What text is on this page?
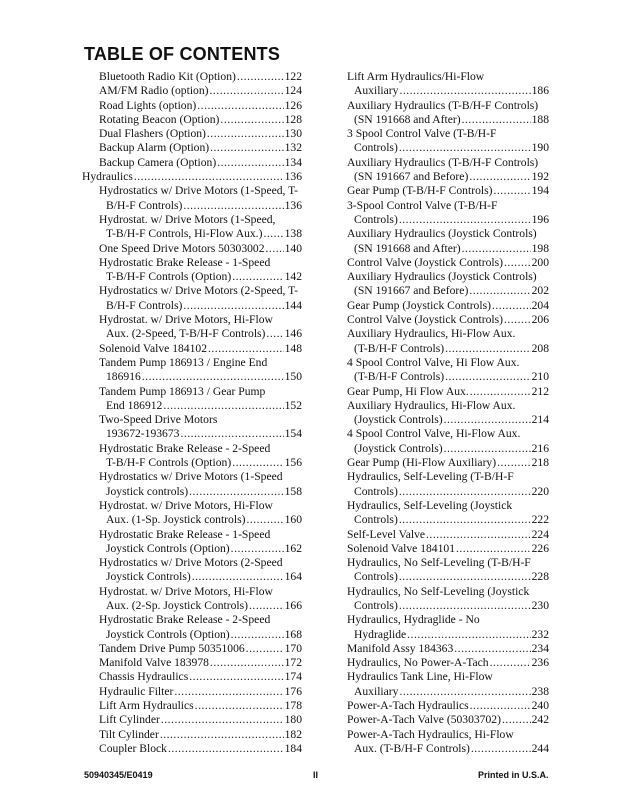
TABLE OF CONTENTS
Bluetooth Radio Kit (Option) .....	122
AM/FM Radio (option) .....	124
Road Lights (option) .....	126
Rotating Beacon (Option) .....	128
Dual Flashers (Option) .....	130
Backup Alarm (Option) .....	132
Backup Camera (Option) .....	134
Hydraulics .....	136
Hydrostatics w/ Drive Motors (1-Speed, T-
B/H-F Controls) .....	136
Hydrostat. w/ Drive Motors (1-Speed,
T-B/H-F Controls, Hi-Flow Aux.) ..... 138
One Speed Drive Motors 50303002 ..... 140
Hydrostatic Brake Release - 1-Speed
T-B/H-F Controls (Option) .....	142
Hydrostatics w/ Drive Motors (2-Speed, T-
B/H-F Controls) .....	144
Hydrostat. w/ Drive Motors, Hi-Flow
Aux. (2-Speed, T-B/H-F Controls) ..... 146
Solenoid Valve 184102 .....	148
Tandem Pump 186913 / Engine End
186916 .....	150
Tandem Pump 186913 / Gear Pump
End 186912 .....	152
Two-Speed Drive Motors
193672-193673 .....	154
Hydrostatic Brake Release - 2-Speed
T-B/H-F Controls (Option) .....	156
Hydrostatics w/ Drive Motors (1-Speed
Joystick controls) .....	158
Hydrostat. w/ Drive Motors, Hi-Flow
Aux. (1-Sp. Joystick controls) .....	160
Hydrostatic Brake Release - 1-Speed
Joystick Controls (Option) .....	162
Hydrostatics w/ Drive Motors (2-Speed
Joystick Controls) .....	164
Hydrostat. w/ Drive Motors, Hi-Flow
Aux. (2-Sp. Joystick Controls) .....	166
Hydrostatic Brake Release - 2-Speed
Joystick Controls (Option) .....	168
Tandem Drive Pump 50351006 .....	170
Manifold Valve 183978 .....	172
Chassis Hydraulics .....	174
Hydraulic Filter .....	176
Lift Arm Hydraulics .....	178
Lift Cylinder .....	180
Tilt Cylinder .....	182
Coupler Block .....	184
Lift Arm Hydraulics/Hi-Flow
Auxiliary .....	186
Auxiliary Hydraulics (T-B/H-F Controls)
(SN 191668 and After) .....	188
3 Spool Control Valve (T-B/H-F
Controls) .....	190
Auxiliary Hydraulics (T-B/H-F Controls)
(SN 191667 and Before) .....	192
Gear Pump (T-B/H-F Controls) .....	194
3-Spool Control Valve (T-B/H-F
Controls) .....	196
Auxiliary Hydraulics (Joystick Controls)
(SN 191668 and After) .....	198
Control Valve (Joystick Controls) ..... 200
Auxiliary Hydraulics (Joystick Controls)
(SN 191667 and Before) .....	202
Gear Pump (Joystick Controls) .....	204
Control Valve (Joystick Controls) ..... 206
Auxiliary Hydraulics, Hi-Flow Aux.
(T-B/H-F Controls) .....	208
4 Spool Control Valve, Hi Flow Aux.
(T-B/H-F Controls) .....	210
Gear Pump, Hi Flow Aux. .....	212
Auxiliary Hydraulics, Hi-Flow Aux.
(Joystick Controls) .....	214
4 Spool Control Valve, Hi-Flow Aux.
(Joystick Controls) .....	216
Gear Pump (Hi-Flow Auxiliary) .....	218
Hydraulics, Self-Leveling (T-B/H-F
Controls) .....	220
Hydraulics, Self-Leveling (Joystick
Controls) .....	222
Self-Level Valve .....	224
Solenoid Valve 184101 .....	226
Hydraulics, No Self-Leveling (T-B/H-F
Controls) .....	228
Hydraulics, No Self-Leveling (Joystick
Controls) .....	230
Hydraulics, Hydraglide - No
Hydraglide .....	232
Manifold Assy 184363 .....	234
Hydraulics, No Power-A-Tach .....	236
Hydraulics Tank Line, Hi-Flow
Auxiliary .....	238
Power-A-Tach Hydraulics .....	240
Power-A-Tach Valve (50303702) .....	242
Power-A-Tach Hydraulics, Hi-Flow
Aux. (T-B/H-F Controls) .....	244
50940345/E0419	II	Printed in U.S.A.
